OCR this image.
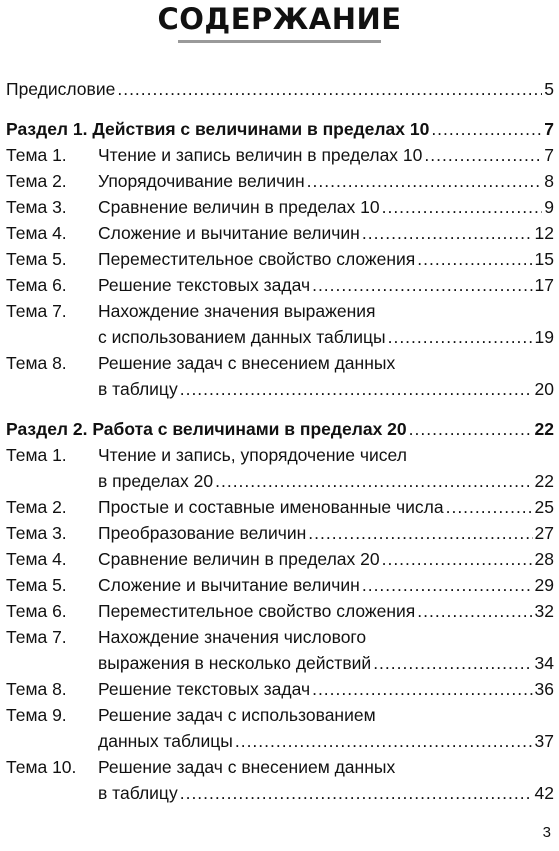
СОДЕРЖАНИЕ
Предисловие .....	5
Раздел 1. Действия с величинами в пределах 10 .....	7
Тема 1.	Чтение и запись величин в пределах 10 .....	7
Тема 2.	Упорядочивание величин .....	8
Тема 3.	Сравнение величин в пределах 10 .....	9
Тема 4.	Сложение и вычитание величин .....	12
Тема 5.	Переместительное свойство сложения .....	15
Тема 6.	Решение текстовых задач .....	17
Тема 7.	Нахождение значения выражения
с использованием данных таблицы .....	19
Тема 8.	Решение задач с внесением данных
в таблицу .....	20
Раздел 2. Работа с величинами в пределах 20 .....	22
Тема 1.	Чтение и запись, упорядочение чисел
в пределах 20 .....	22
Тема 2.	Простые и составные именованные числа .....	25
Тема 3.	Преобразование величин .....	27
Тема 4.	Сравнение величин в пределах 20 .....	28
Тема 5.	Сложение и вычитание величин .....	29
Тема 6.	Переместительное свойство сложения .....	32
Тема 7.	Нахождение значения числового
выражения в несколько действий .....	34
Тема 8.	Решение текстовых задач .....	36
Тема 9.	Решение задач с использованием
данных таблицы .....	37
Тема 10.	Решение задач с внесением данных
в таблицу .....	42
3
